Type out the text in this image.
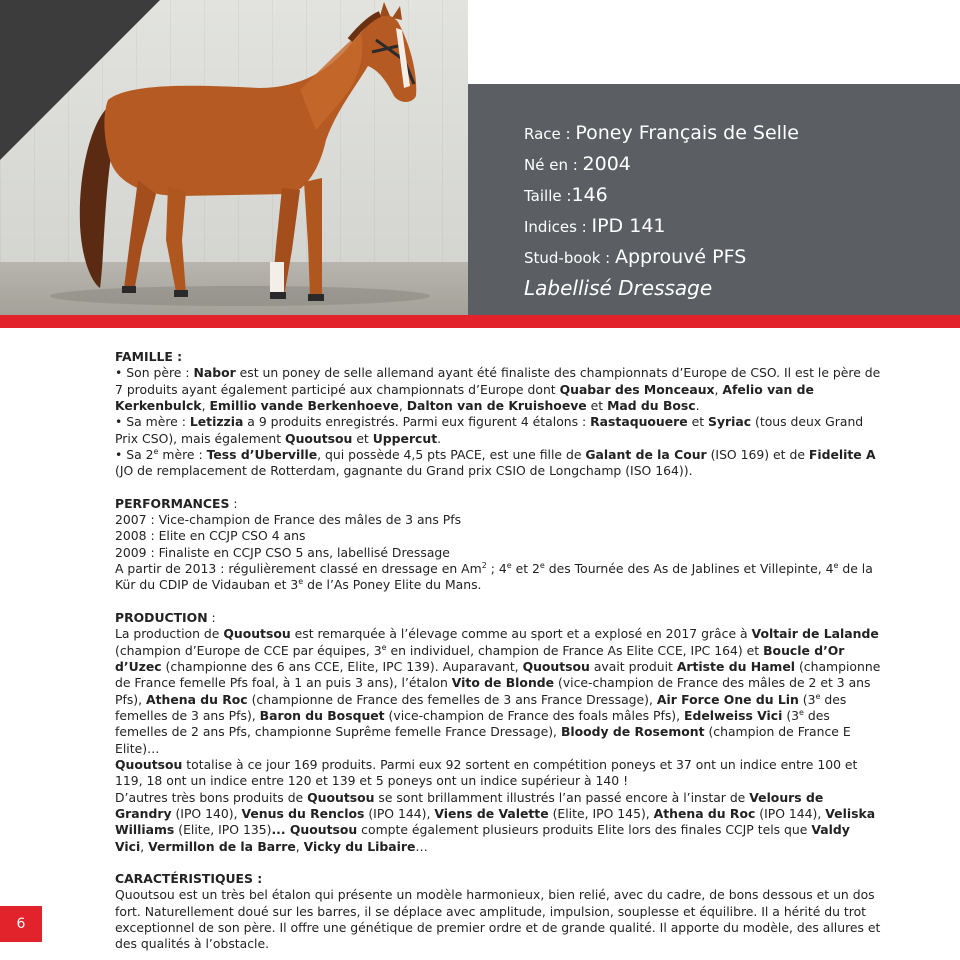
Race : Poney Français de Selle
Né en : 2004
Taille :146
Indices : IPD 141
Stud-book : Approuvé PFS
Labellisé Dressage

FAMILLE :

• Son père : Nabor est un poney de selle allemand ayant été finaliste des championnats d’Europe de CSO. Il est le père de 7 produits ayant également participé aux championnats d’Europe dont Quabar des Monceaux, Afelio van de Kerkenbulck, Emillio vande Berkenhoeve, Dalton van de Kruishoeve et Mad du Bosc.

• Sa mère : Letizzia a 9 produits enregistrés. Parmi eux figurent 4 étalons : Rastaquouere et Syriac (tous deux Grand Prix CSO), mais également Quoutsou et Uppercut.

• Sa 2e mère : Tess d’Uberville, qui possède 4,5 pts PACE, est une fille de Galant de la Cour (ISO 169) et de Fidelite A (JO de remplacement de Rotterdam, gagnante du Grand prix CSIO de Longchamp (ISO 164)).

PERFORMANCES :

2007 : Vice-champion de France des mâles de 3 ans Pfs

2008 : Elite en CCJP CSO 4 ans

2009 : Finaliste en CCJP CSO 5 ans, labellisé Dressage

A partir de 2013 : régulièrement classé en dressage en Am$^2$ ; 4e et 2e des Tournée des As de Jablines et Villepinte, 4e de la Kür du CDIP de Vidauban et 3e de l’As Poney Elite du Mans.

PRODUCTION :

La production de Quoutsou est remarquée à l’élevage comme au sport et a explosé en 2017 grâce à Voltair de Lalande (champion d’Europe de CCE par équipes, 3e en individuel, champion de France As Elite CCE, IPC 164) et Boucle d’Or d’Uzec (championne des 6 ans CCE, Elite, IPC 139). Auparavant, Quoutsou avait produit Artiste du Hamel (championne de France femelle Pfs foal, à 1 an puis 3 ans), l’étalon Vito de Blonde (vice-champion de France des mâles de 2 et 3 ans Pfs), Athena du Roc (championne de France des femelles de 3 ans France Dressage), Air Force One du Lin (3e des femelles de 3 ans Pfs), Baron du Bosquet (vice-champion de France des foals mâles Pfs), Edelweiss Vici (3e des femelles de 2 ans Pfs, championne Suprême femelle France Dressage), Bloody de Rosemont (champion de France E Elite)…

Quoutsou totalise à ce jour 169 produits. Parmi eux 92 sortent en compétition poneys et 37 ont un indice entre 100 et 119, 18 ont un indice entre 120 et 139 et 5 poneys ont un indice supérieur à 140 !

D’autres très bons produits de Quoutsou se sont brillamment illustrés l’an passé encore à l’instar de Velours de Grandry (IPO 140), Venus du Renclos (IPO 144), Viens de Valette (Elite, IPO 145), Athena du Roc (IPO 144), Veliska Williams (Elite, IPO 135)... Quoutsou compte également plusieurs produits Elite lors des finales CCJP tels que Valdy Vici, Vermillon de la Barre, Vicky du Libaire…

CARACTÉRISTIQUES :

Quoutsou est un très bel étalon qui présente un modèle harmonieux, bien relié, avec du cadre, de bons dessous et un dos fort. Naturellement doué sur les barres, il se déplace avec amplitude, impulsion, souplesse et équilibre. Il a hérité du trot exceptionnel de son père. Il offre une génétique de premier ordre et de grande qualité. Il apporte du modèle, des allures et des qualités à l’obstacle.

6
